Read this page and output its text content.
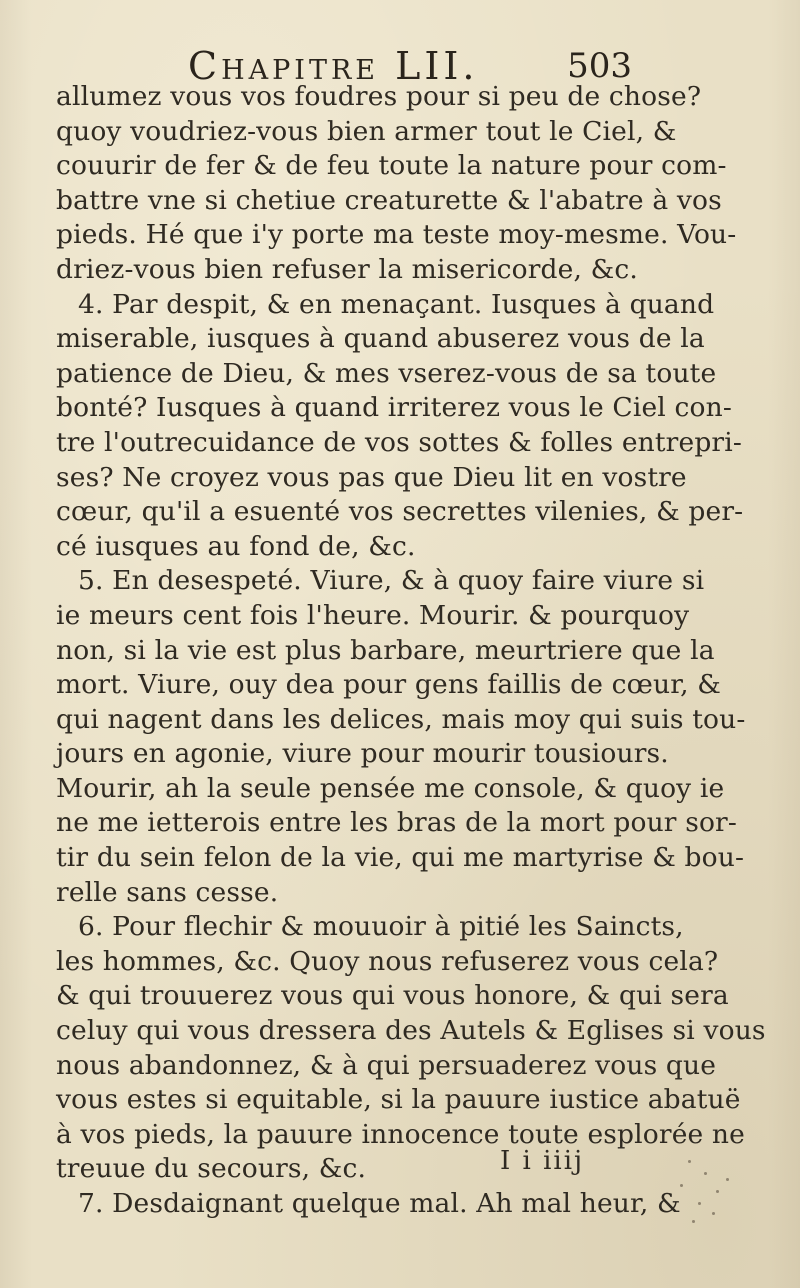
Chapitre LII.	503
allumez vous vos foudres pour si peu de chose?
quoy voudriez-vous bien armer tout le Ciel, &
couurir de fer & de feu toute la nature pour com-
battre vne si chetiue creaturette & l'abatre à vos
pieds. Hé que i'y porte ma teste moy-mesme. Vou-
driez-vous bien refuser la misericorde, &c.
4. Par despit, & en menaçant. Iusques à quand
miserable, iusques à quand abuserez vous de la
patience de Dieu, & mes vserez-vous de sa toute
bonté? Iusques à quand irriterez vous le Ciel con-
tre l'outrecuidance de vos sottes & folles entrepri-
ses? Ne croyez vous pas que Dieu lit en vostre
cœur, qu'il a esuenté vos secrettes vilenies, & per-
cé iusques au fond de, &c.
5. En desespeté. Viure, & à quoy faire viure si
ie meurs cent fois l'heure. Mourir. & pourquoy
non, si la vie est plus barbare, meurtriere que la
mort. Viure, ouy dea pour gens faillis de cœur, &
qui nagent dans les delices, mais moy qui suis tou-
jours en agonie, viure pour mourir tousiours.
Mourir, ah la seule pensée me console, & quoy ie
ne me ietterois entre les bras de la mort pour sor-
tir du sein felon de la vie, qui me martyrise & bou-
relle sans cesse.
6. Pour flechir & mouuoir à pitié les Saincts,
les hommes, &c. Quoy nous refuserez vous cela?
& qui trouuerez vous qui vous honore, & qui sera
celuy qui vous dressera des Autels & Eglises si vous
nous abandonnez, & à qui persuaderez vous que
vous estes si equitable, si la pauure iustice abatuë
à vos pieds, la pauure innocence toute esplorée ne
treuue du secours, &c.
7. Desdaignant quelque mal. Ah mal heur, &
I i iiij
